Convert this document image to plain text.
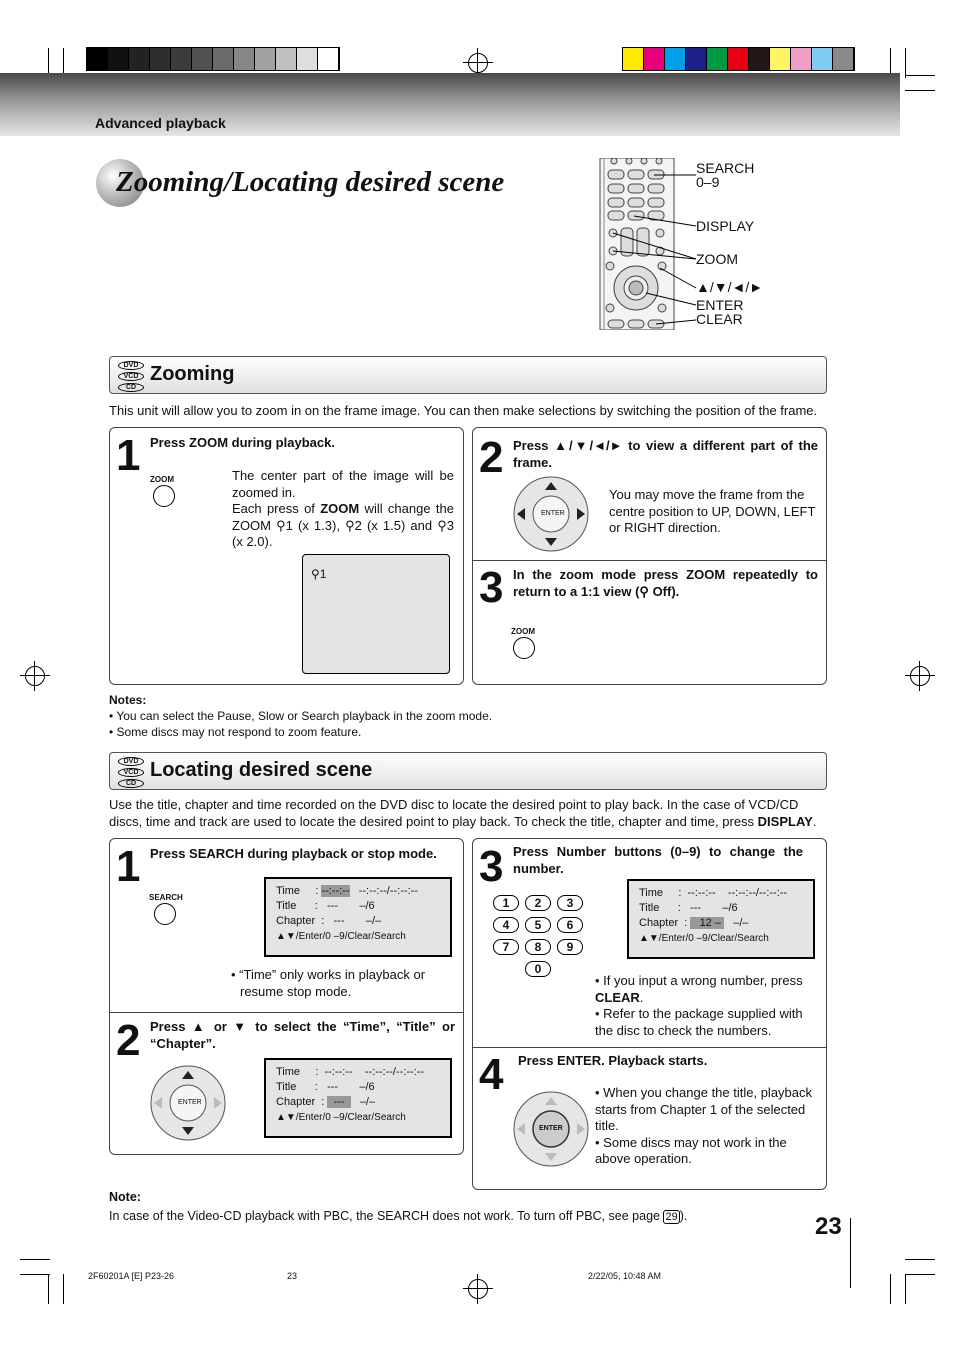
Advanced playback
Zooming/Locating desired scene	SEARCH
0–9
DISPLAY
ZOOM
▲/▼/◄/►
ENTER
CLEAR
DVD
VCD
CD
Zooming
This unit will allow you to zoom in on the frame image. You can then make selections by switching the position of the frame.
1 Press ZOOM during playback.
ZOOM	The center part of the image will be zoomed in.
Each press of ZOOM will change the ZOOM ⚲1 (x 1.3), ⚲2 (x 1.5) and ⚲3 (x 2.0).
⚲1
2 Press ▲/▼/◄/► to view a different part of the frame.
ENTER
You may move the frame from the centre position to UP, DOWN, LEFT or RIGHT direction.
3 In the zoom mode press ZOOM repeatedly to return to a 1:1 view (⚲ Off).
ZOOM
Notes:
• You can select the Pause, Slow or Search playback in the zoom mode.
• Some discs may not respond to zoom feature.
DVD
VCD
CD
Locating desired scene
Use the title, chapter and time recorded on the DVD disc to locate the desired point to play back. In the case of VCD/CD discs, time and track are used to locate the desired point to play back. To check the title, chapter and time, press DISPLAY.
1 Press SEARCH during playback or stop mode.
SEARCH
Time : --:--:-- --:--:--/--:--:--
Title : --- –/6
Chapter : --- –/–
▲▼/Enter/0 –9/Clear/Search
• “Time” only works in playback or
resume stop mode.
2 Press ▲ or ▼ to select the “Time”, “Title” or “Chapter”.
ENTER
Time : --:--:-- --:--:--/--:--:--
Title : --- –/6
Chapter : --- –/–
▲▼/Enter/0 –9/Clear/Search
3 Press Number buttons (0–9) to change the number.
1	2	3
4	5	6
7	8	9
0
Time : --:--:-- --:--:--/--:--:--
Title : --- –/6
Chapter : 12 – –/–
▲▼/Enter/0 –9/Clear/Search
• If you input a wrong number, press CLEAR.
• Refer to the package supplied with the disc to check the numbers.
4 Press ENTER. Playback starts.
ENTER
• When you change the title, playback starts from Chapter 1 of the selected title.
• Some discs may not work in the above operation.
Note:
In case of the Video-CD playback with PBC, the SEARCH does not work. To turn off PBC, see page 29 ).	23
2F60201A [E] P23-26	23	2/22/05, 10:48 AM
